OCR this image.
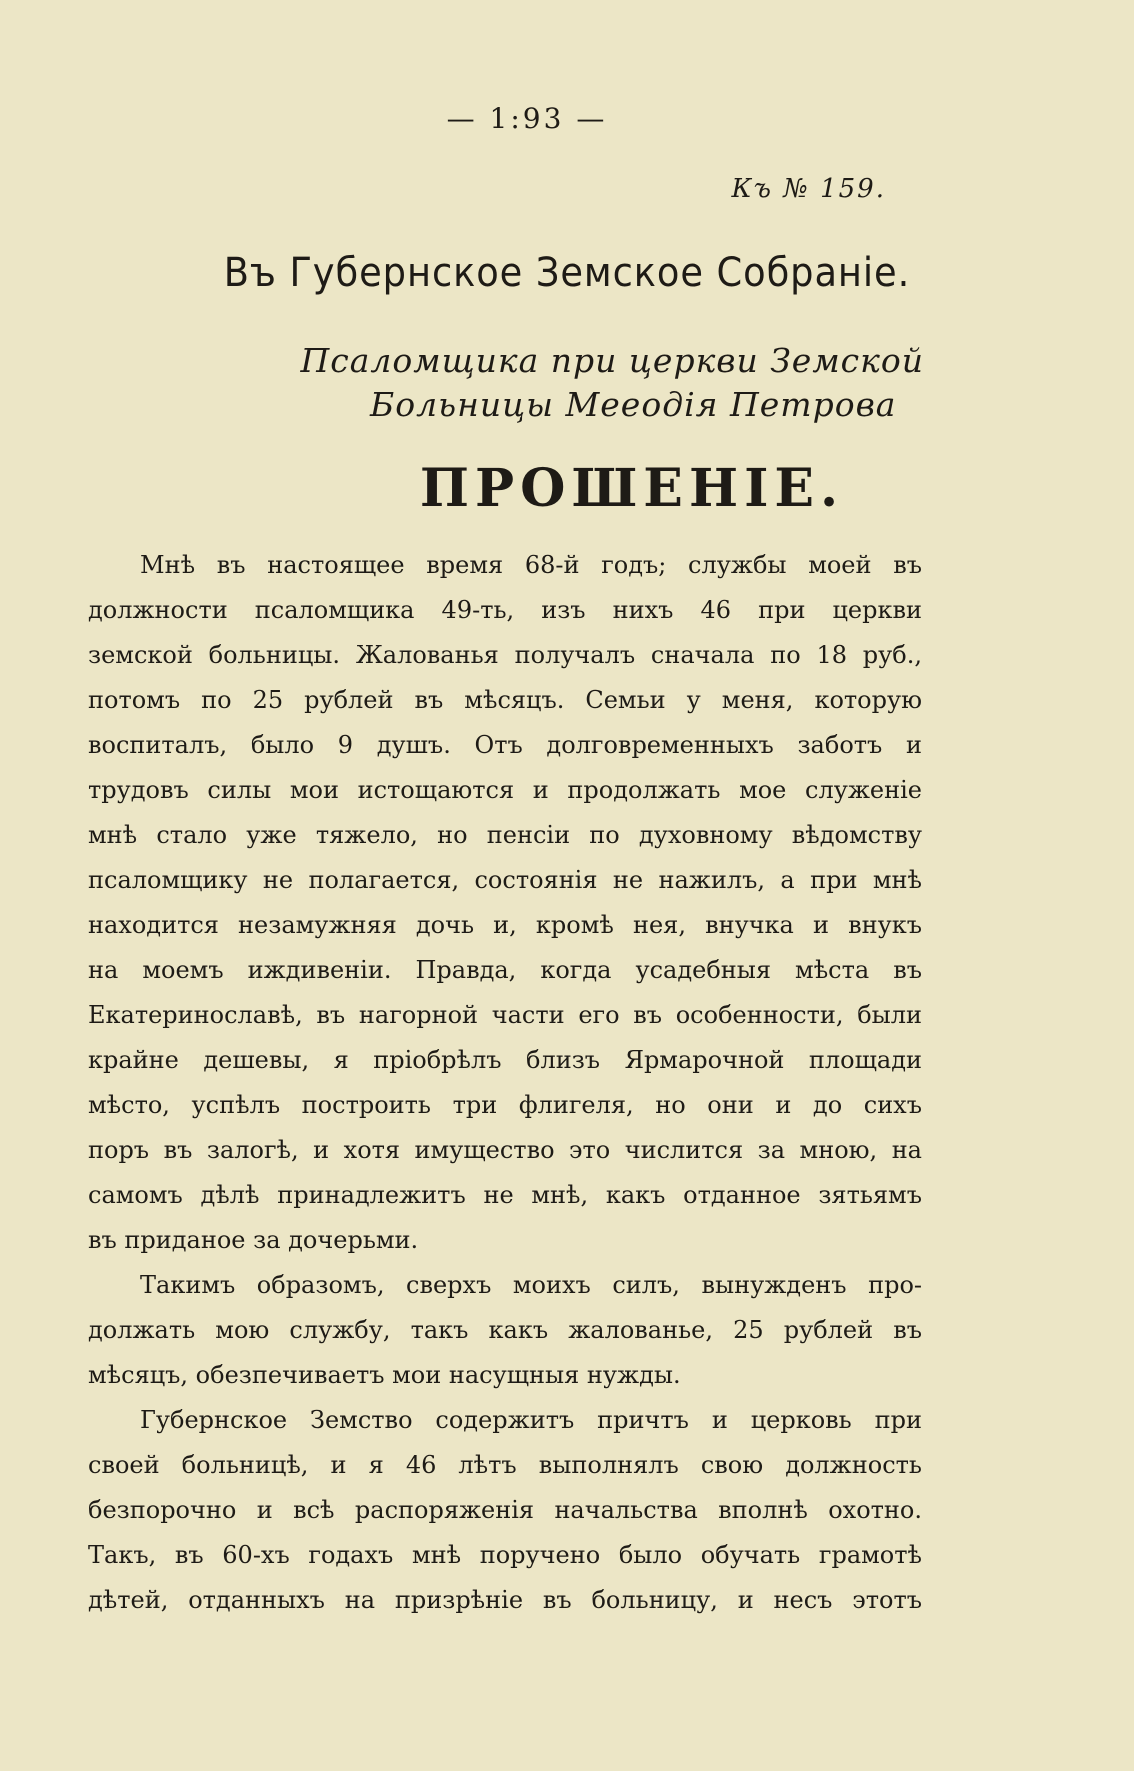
— 1:93 —
Къ № 159.
Въ Губернское Земское Собраніе.
Псаломщика при церкви Земской
Больницы Мееодія Петрова
ПРОШЕНІЕ.
Мнѣ въ настоящее время 68-й годъ; службы моей въ
должности псаломщика 49-ть, изъ нихъ 46 при церкви
земской больницы. Жалованья получалъ сначала по 18 руб.,
потомъ по 25 рублей въ мѣсяцъ. Семьи у меня, которую
воспиталъ, было 9 душъ. Отъ долговременныхъ заботъ и
трудовъ силы мои истощаются и продолжать мое служеніе
мнѣ стало уже тяжело, но пенсіи по духовному вѣдомству
псаломщику не полагается, состоянія не нажилъ, а при мнѣ
находится незамужняя дочь и, кромѣ нея, внучка и внукъ
на моемъ иждивеніи. Правда, когда усадебныя мѣста въ
Екатеринославѣ, въ нагорной части его въ особенности, были
крайне дешевы, я пріобрѣлъ близъ Ярмарочной площади
мѣсто, успѣлъ построить три флигеля, но они и до сихъ
поръ въ залогѣ, и хотя имущество это числится за мною, на
самомъ дѣлѣ принадлежитъ не мнѣ, какъ отданное зятьямъ
въ приданое за дочерьми.
Такимъ образомъ, сверхъ моихъ силъ, вынужденъ про-
должать мою службу, такъ какъ жалованье, 25 рублей въ
мѣсяцъ, обезпечиваетъ мои насущныя нужды.
Губернское Земство содержитъ причтъ и церковь при
своей больницѣ, и я 46 лѣтъ выполнялъ свою должность
безпорочно и всѣ распоряженія начальства вполнѣ охотно.
Такъ, въ 60-хъ годахъ мнѣ поручено было обучать грамотѣ
дѣтей, отданныхъ на призрѣніе въ больницу, и несъ этотъ
